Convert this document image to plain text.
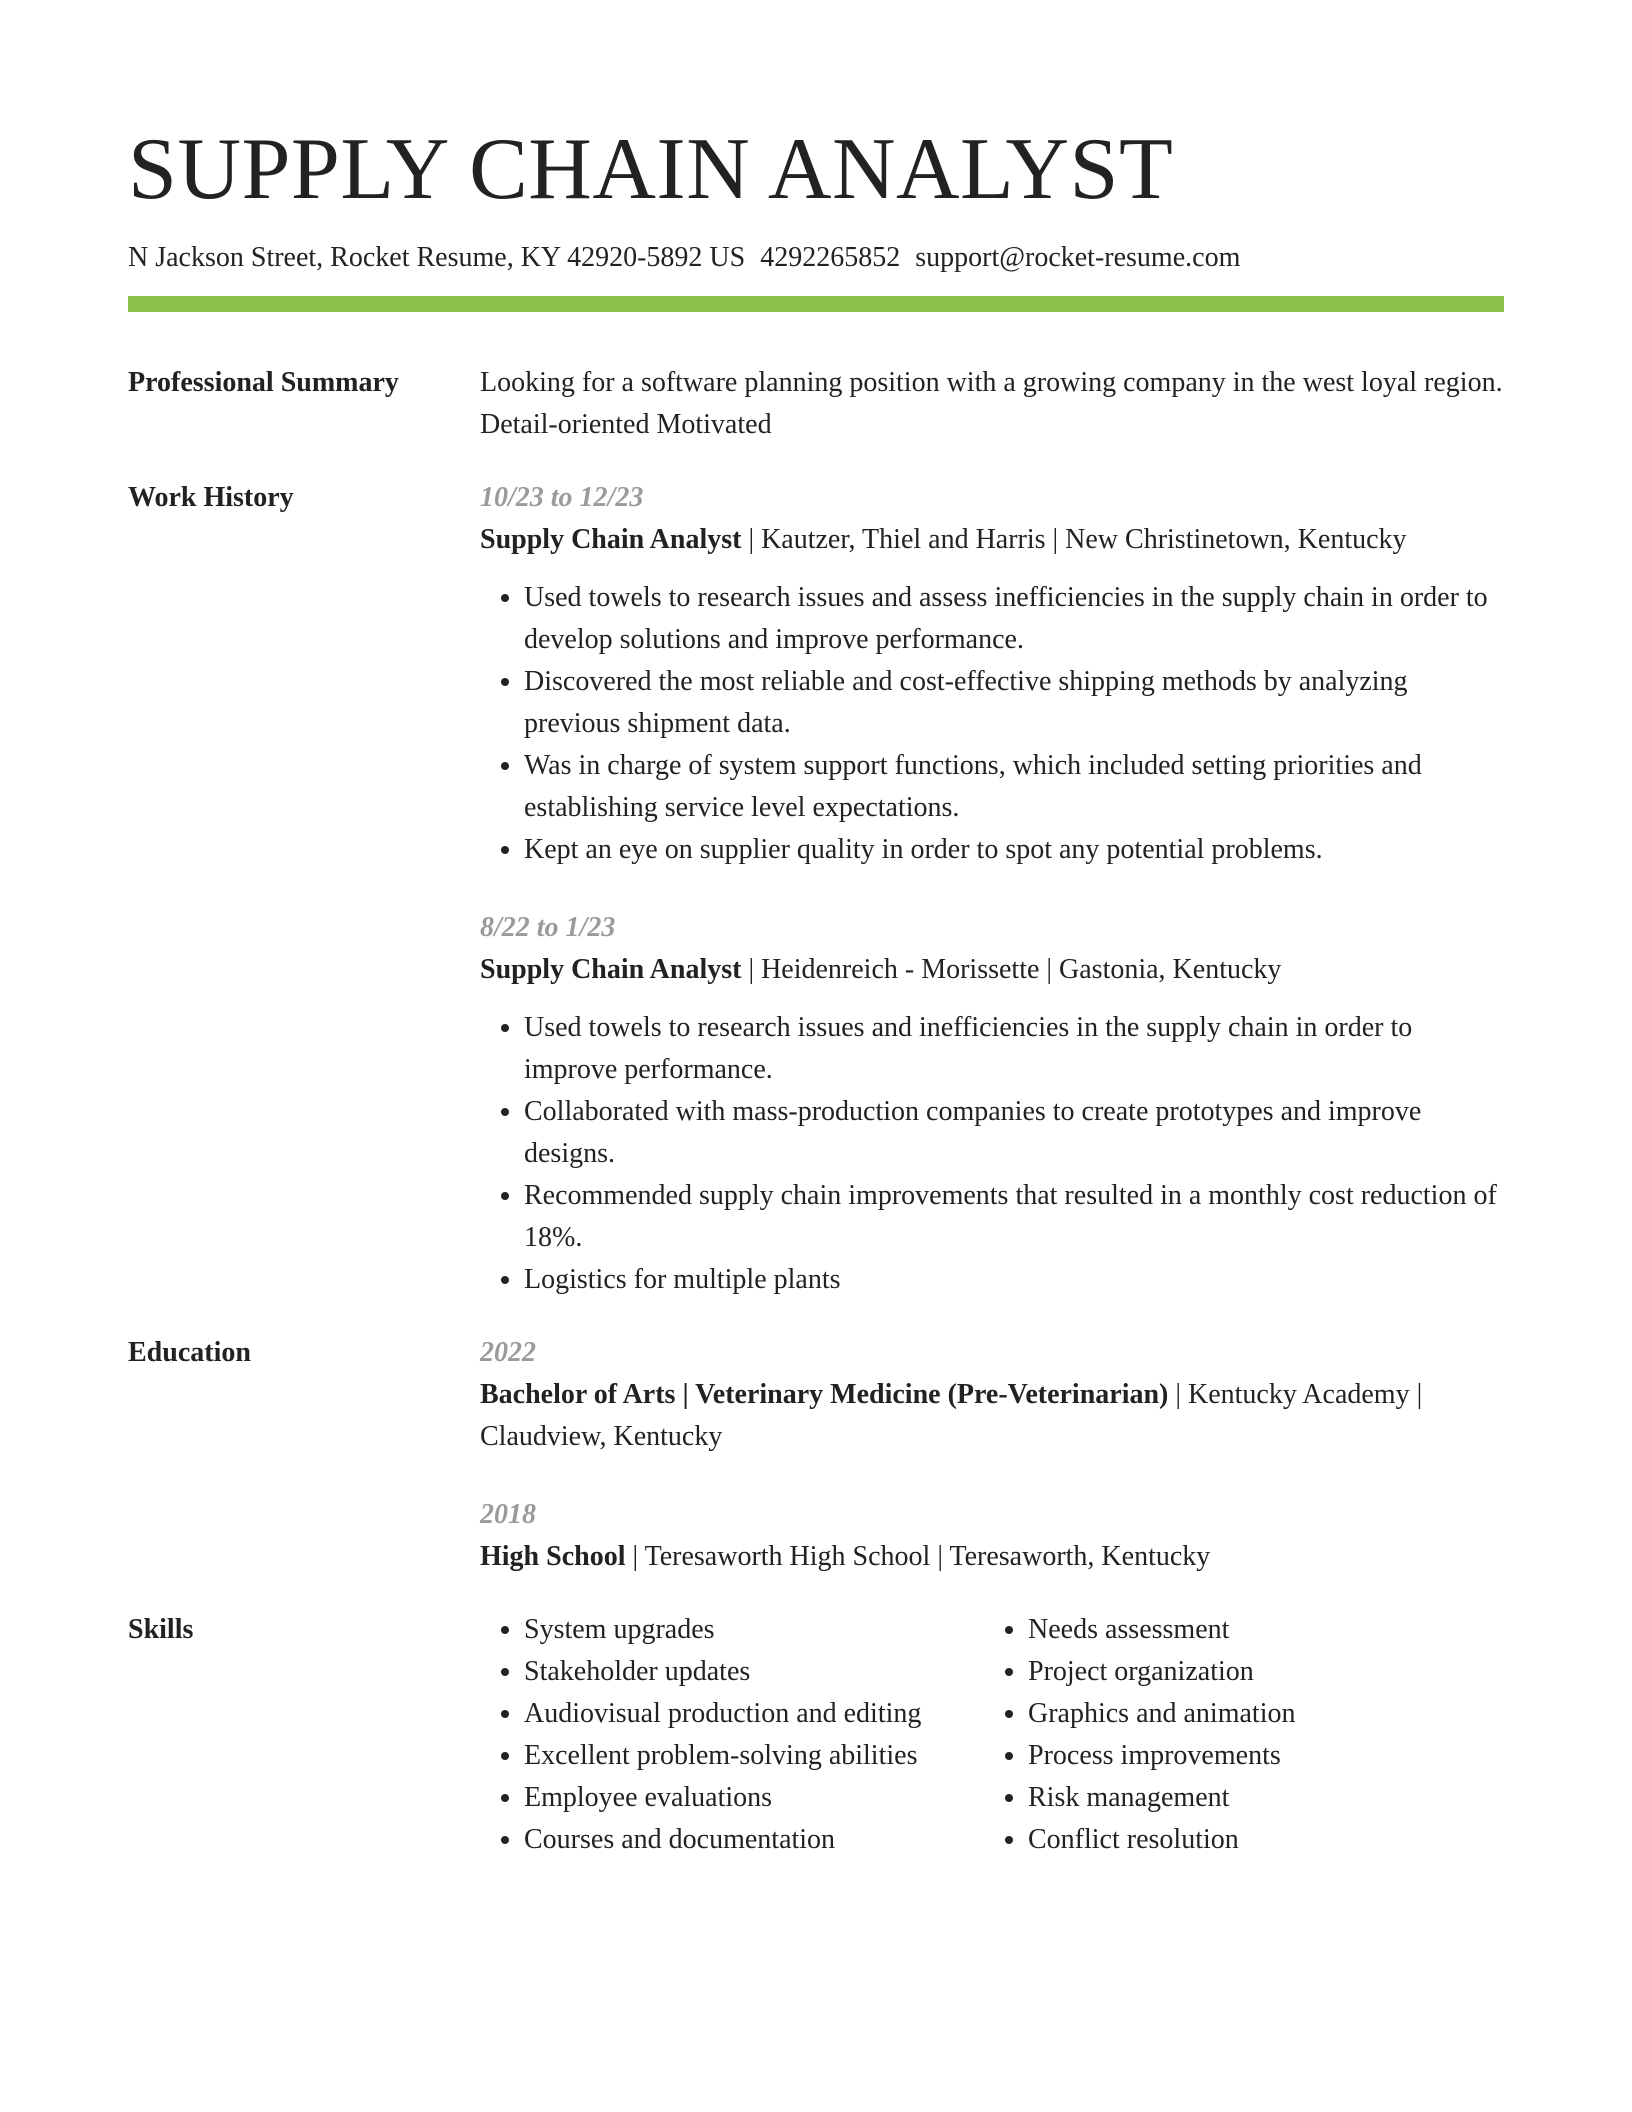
SUPPLY CHAIN ANALYST
N Jackson Street, Rocket Resume, KY 42920-5892 US 4292265852 support@rocket-resume.com
Professional Summary	Looking for a software planning position with a growing company in the west loyal region. Detail-oriented Motivated
Work History	10/23 to 12/23
Supply Chain Analyst | Kautzer, Thiel and Harris | New Christinetown, Kentucky
• Used towels to research issues and assess inefficiencies in the supply chain in order to develop solutions and improve performance.
• Discovered the most reliable and cost-effective shipping methods by analyzing previous shipment data.
• Was in charge of system support functions, which included setting priorities and establishing service level expectations.
• Kept an eye on supplier quality in order to spot any potential problems.
8/22 to 1/23
Supply Chain Analyst | Heidenreich - Morissette | Gastonia, Kentucky
• Used towels to research issues and inefficiencies in the supply chain in order to improve performance.
• Collaborated with mass-production companies to create prototypes and improve designs.
• Recommended supply chain improvements that resulted in a monthly cost reduction of 18%.
• Logistics for multiple plants
Education	2022
Bachelor of Arts | Veterinary Medicine (Pre-Veterinarian) | Kentucky Academy | Claudview, Kentucky
2018
High School | Teresaworth High School | Teresaworth, Kentucky
Skills
•	System upgrades
• Stakeholder updates
• Audiovisual production and editing
• Excellent problem-solving abilities
• Employee evaluations
• Courses and documentation
• Needs assessment
• Project organization
• Graphics and animation
• Process improvements
• Risk management
• Conflict resolution
